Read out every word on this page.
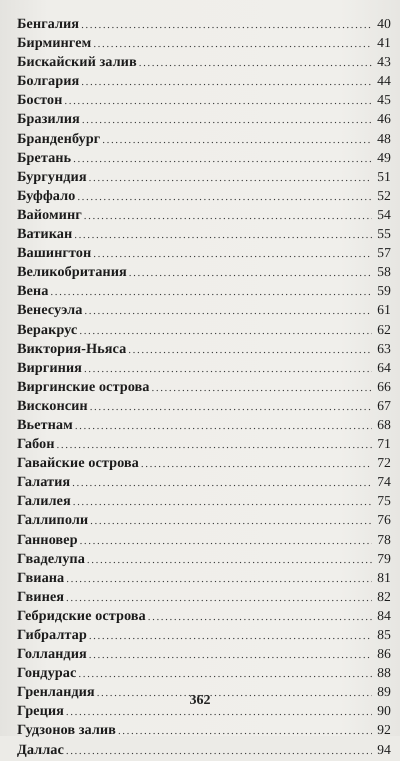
Бенгалия .....	40
Бирмингем .....	41
Бискайский залив .....	43
Болгария .....	44
Бостон .....	45
Бразилия .....	46
Бранденбург .....	48
Бретань .....	49
Бургундия .....	51
Буффало .....	52
Вайоминг .....	54
Ватикан .....	55
Вашингтон .....	57
Великобритания .....	58
Вена .....	59
Венесуэла .....	61
Веракрус .....	62
Виктория-Ньяса .....	63
Виргиния .....	64
Виргинские острова .....	66
Висконсин .....	67
Вьетнам .....	68
Габон .....	71
Гавайские острова .....	72
Галатия .....	74
Галилея .....	75
Галлиполи .....	76
Ганновер .....	78
Гваделупа .....	79
Гвиана .....	81
Гвинея .....	82
Гебридские острова .....	84
Гибралтар .....	85
Голландия .....	86
Гондурас .....	88
Гренландия .....	89
Греция .....	90
Гудзонов залив .....	92
Даллас .....	94
362
